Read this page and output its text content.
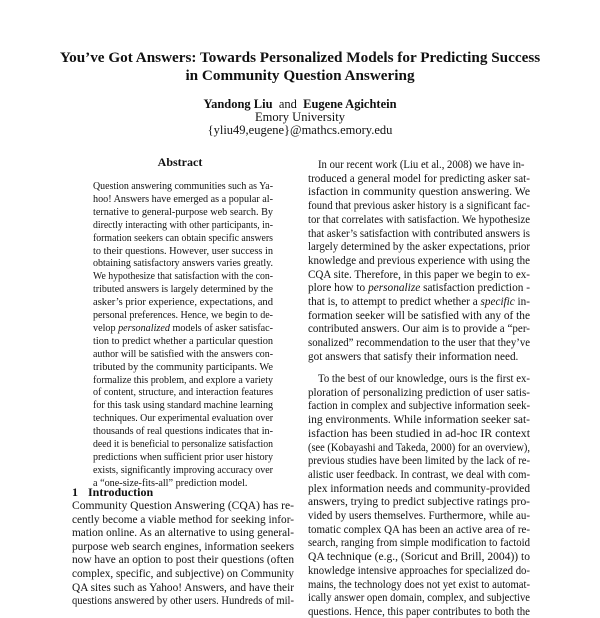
You’ve Got Answers: Towards Personalized Models for Predicting Success
in Community Question Answering
Yandong Liu and Eugene Agichtein
Emory University
{yliu49,eugene}@mathcs.emory.edu
Abstract
Question answering communities such as Ya-
hoo! Answers have emerged as a popular al-
ternative to general-purpose web search. By
directly interacting with other participants, in-
formation seekers can obtain specific answers
to their questions. However, user success in
obtaining satisfactory answers varies greatly.
We hypothesize that satisfaction with the con-
tributed answers is largely determined by the
asker’s prior experience, expectations, and
personal preferences. Hence, we begin to de-
velop personalized models of asker satisfac-
tion to predict whether a particular question
author will be satisfied with the answers con-
tributed by the community participants. We
formalize this problem, and explore a variety
of content, structure, and interaction features
for this task using standard machine learning
techniques. Our experimental evaluation over
thousands of real questions indicates that in-
deed it is beneficial to personalize satisfaction
predictions when sufficient prior user history
exists, significantly improving accuracy over
a “one-size-fits-all” prediction model.
1 Introduction
Community Question Answering (CQA) has re-
cently become a viable method for seeking infor-
mation online. As an alternative to using general-
purpose web search engines, information seekers
now have an option to post their questions (often
complex, specific, and subjective) on Community
QA sites such as Yahoo! Answers, and have their
questions answered by other users. Hundreds of mil-
In our recent work (Liu et al., 2008) we have in-
troduced a general model for predicting asker sat-
isfaction in community question answering. We
found that previous asker history is a significant fac-
tor that correlates with satisfaction. We hypothesize
that asker’s satisfaction with contributed answers is
largely determined by the asker expectations, prior
knowledge and previous experience with using the
CQA site. Therefore, in this paper we begin to ex-
plore how to personalize satisfaction prediction -
that is, to attempt to predict whether a specific in-
formation seeker will be satisfied with any of the
contributed answers. Our aim is to provide a “per-
sonalized” recommendation to the user that they’ve
got answers that satisfy their information need.
To the best of our knowledge, ours is the first ex-
ploration of personalizing prediction of user satis-
faction in complex and subjective information seek-
ing environments. While information seeker sat-
isfaction has been studied in ad-hoc IR context
(see (Kobayashi and Takeda, 2000) for an overview),
previous studies have been limited by the lack of re-
alistic user feedback. In contrast, we deal with com-
plex information needs and community-provided
answers, trying to predict subjective ratings pro-
vided by users themselves. Furthermore, while au-
tomatic complex QA has been an active area of re-
search, ranging from simple modification to factoid
QA technique (e.g., (Soricut and Brill, 2004)) to
knowledge intensive approaches for specialized do-
mains, the technology does not yet exist to automat-
ically answer open domain, complex, and subjective
questions. Hence, this paper contributes to both the
